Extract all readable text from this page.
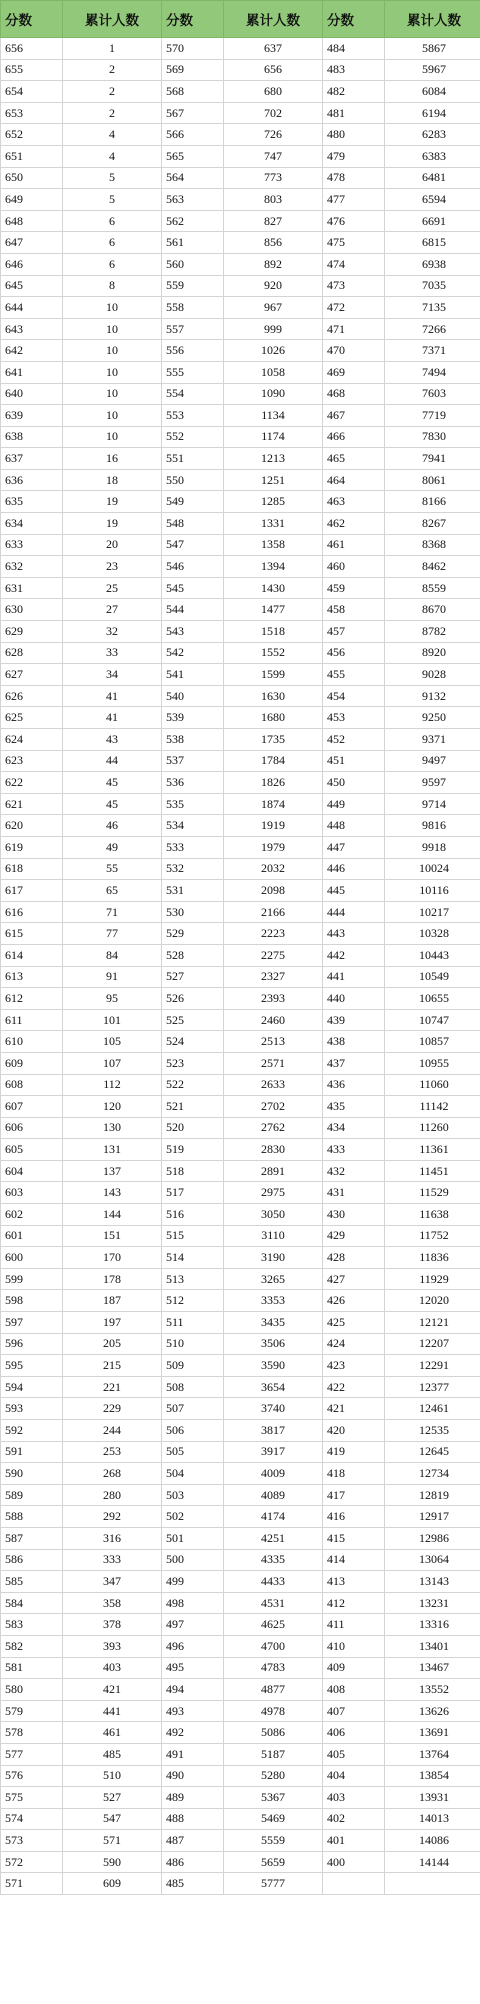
分数	累计人数	分数	累计人数	分数	累计人数
656	1	570	637	484	5867
655	2	569	656	483	5967
654	2	568	680	482	6084
653	2	567	702	481	6194
652	4	566	726	480	6283
651	4	565	747	479	6383
650	5	564	773	478	6481
649	5	563	803	477	6594
648	6	562	827	476	6691
647	6	561	856	475	6815
646	6	560	892	474	6938
645	8	559	920	473	7035
644	10	558	967	472	7135
643	10	557	999	471	7266
642	10	556	1026	470	7371
641	10	555	1058	469	7494
640	10	554	1090	468	7603
639	10	553	1134	467	7719
638	10	552	1174	466	7830
637	16	551	1213	465	7941
636	18	550	1251	464	8061
635	19	549	1285	463	8166
634	19	548	1331	462	8267
633	20	547	1358	461	8368
632	23	546	1394	460	8462
631	25	545	1430	459	8559
630	27	544	1477	458	8670
629	32	543	1518	457	8782
628	33	542	1552	456	8920
627	34	541	1599	455	9028
626	41	540	1630	454	9132
625	41	539	1680	453	9250
624	43	538	1735	452	9371
623	44	537	1784	451	9497
622	45	536	1826	450	9597
621	45	535	1874	449	9714
620	46	534	1919	448	9816
619	49	533	1979	447	9918
618	55	532	2032	446	10024
617	65	531	2098	445	10116
616	71	530	2166	444	10217
615	77	529	2223	443	10328
614	84	528	2275	442	10443
613	91	527	2327	441	10549
612	95	526	2393	440	10655
611	101	525	2460	439	10747
610	105	524	2513	438	10857
609	107	523	2571	437	10955
608	112	522	2633	436	11060
607	120	521	2702	435	11142
606	130	520	2762	434	11260
605	131	519	2830	433	11361
604	137	518	2891	432	11451
603	143	517	2975	431	11529
602	144	516	3050	430	11638
601	151	515	3110	429	11752
600	170	514	3190	428	11836
599	178	513	3265	427	11929
598	187	512	3353	426	12020
597	197	511	3435	425	12121
596	205	510	3506	424	12207
595	215	509	3590	423	12291
594	221	508	3654	422	12377
593	229	507	3740	421	12461
592	244	506	3817	420	12535
591	253	505	3917	419	12645
590	268	504	4009	418	12734
589	280	503	4089	417	12819
588	292	502	4174	416	12917
587	316	501	4251	415	12986
586	333	500	4335	414	13064
585	347	499	4433	413	13143
584	358	498	4531	412	13231
583	378	497	4625	411	13316
582	393	496	4700	410	13401
581	403	495	4783	409	13467
580	421	494	4877	408	13552
579	441	493	4978	407	13626
578	461	492	5086	406	13691
577	485	491	5187	405	13764
576	510	490	5280	404	13854
575	527	489	5367	403	13931
574	547	488	5469	402	14013
573	571	487	5559	401	14086
572	590	486	5659	400	14144
571	609	485	5777		
